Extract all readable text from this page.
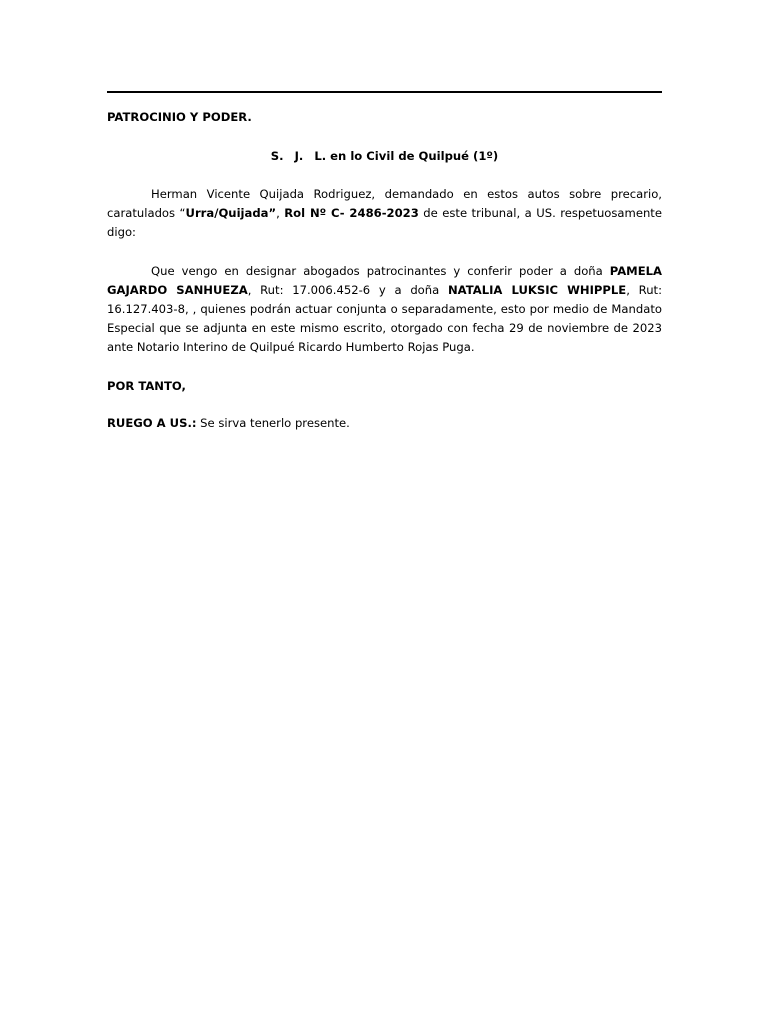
PATROCINIO Y PODER.
S. J. L. en lo Civil de Quilpué (1º)
Herman Vicente Quijada Rodriguez, demandado en estos autos sobre precario, caratulados “Urra/Quijada”, Rol Nº C- 2486-2023 de este tribunal, a US. respetuosamente digo:
Que vengo en designar abogados patrocinantes y conferir poder a doña PAMELA GAJARDO SANHUEZA, Rut: 17.006.452-6 y a doña NATALIA LUKSIC WHIPPLE, Rut: 16.127.403-8, , quienes podrán actuar conjunta o separadamente, esto por medio de Mandato Especial que se adjunta en este mismo escrito, otorgado con fecha 29 de noviembre de 2023 ante Notario Interino de Quilpué Ricardo Humberto Rojas Puga.
POR TANTO,
RUEGO A US.: Se sirva tenerlo presente.
